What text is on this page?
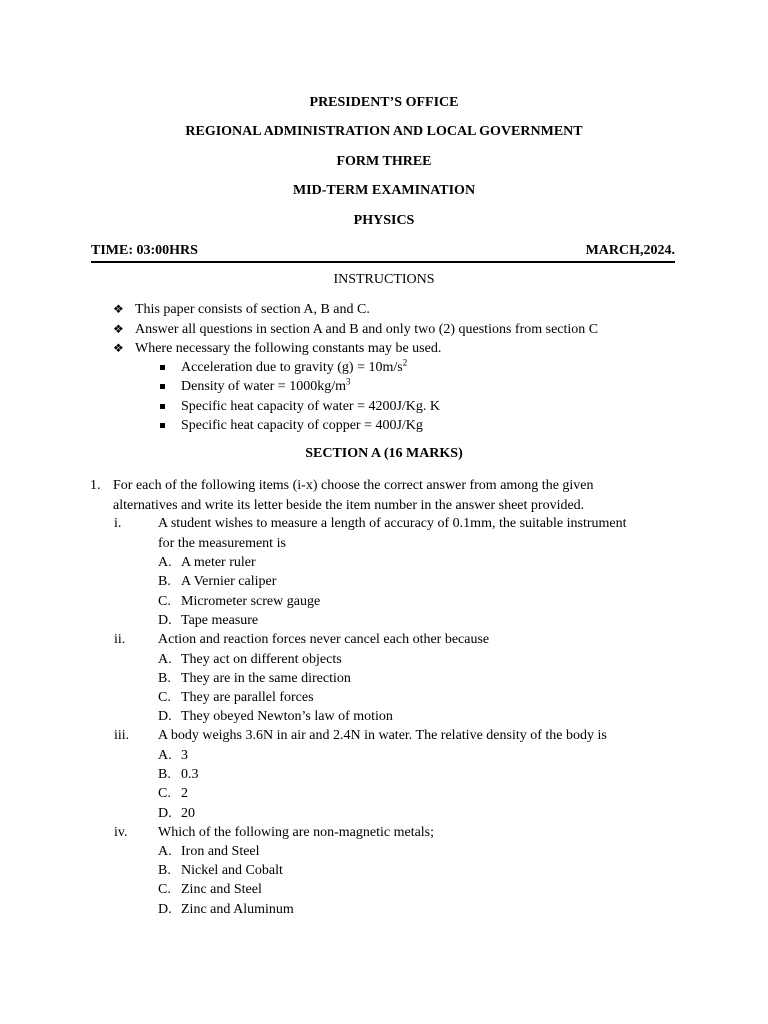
PRESIDENT’S OFFICE
REGIONAL ADMINISTRATION AND LOCAL GOVERNMENT
FORM THREE
MID-TERM EXAMINATION
PHYSICS
TIME: 03:00HRS	MARCH,2024.
INSTRUCTIONS
❖ This paper consists of section A, B and C.
❖ Answer all questions in section A and B and only two (2) questions from section C
❖ Where necessary the following constants may be used.
Acceleration due to gravity $(g) = 10m/s^2$
Density of water = $1000kg/m^3$
Specific heat capacity of water = 4200J/Kg. K
Specific heat capacity of copper = 400J/Kg
SECTION A (16 MARKS)
1. For each of the following items (i-x) choose the correct answer from among the given
alternatives and write its letter beside the item number in the answer sheet provided.
i.	A student wishes to measure a length of accuracy of 0.1mm, the suitable instrument
for the measurement is
A. A meter ruler
B. A Vernier caliper
C. Micrometer screw gauge
D. Tape measure
ii. Action and reaction forces never cancel each other because
A. They act on different objects
B. They are in the same direction
C. They are parallel forces
D. They obeyed Newton’s law of motion
iii. A body weighs 3.6N in air and 2.4N in water. The relative density of the body is
A. 3
B. 0.3
C. 2
D. 20
iv. Which of the following are non-magnetic metals;
A. Iron and Steel
B. Nickel and Cobalt
C. Zinc and Steel
D. Zinc and Aluminum
